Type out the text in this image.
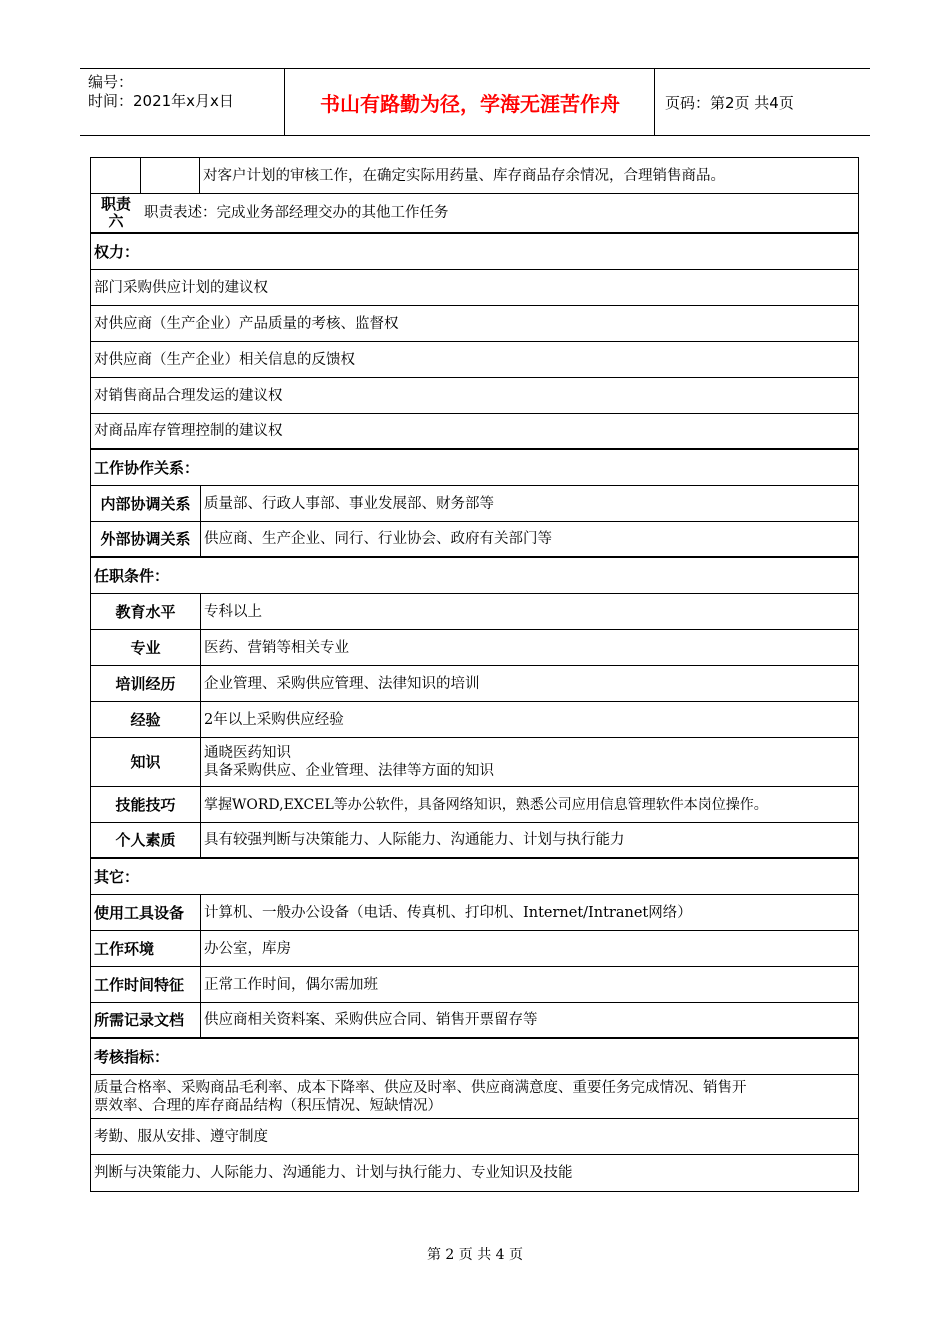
编号：
时间：2021年x月x日	书山有路勤为径，学海无涯苦作舟	页码：第2页 共4页
对客户计划的审核工作，在确定实际用药量、库存商品存余情况，合理销售商品。
职责
六 职责表述：完成业务部经理交办的其他工作任务
权力：
部门采购供应计划的建议权
对供应商（生产企业）产品质量的考核、监督权
对供应商（生产企业）相关信息的反馈权
对销售商品合理发运的建议权
对商品库存管理控制的建议权
工作协作关系：
内部协调关系 质量部、行政人事部、事业发展部、财务部等
外部协调关系 供应商、生产企业、同行、行业协会、政府有关部门等
任职条件：
教育水平	专科以上
专业	医药、营销等相关专业
培训经历	企业管理、采购供应管理、法律知识的培训
经验	2年以上采购供应经验
知识	通晓医药知识
具备采购供应、企业管理、法律等方面的知识
技能技巧	掌握WORD,EXCEL等办公软件，具备网络知识，熟悉公司应用信息管理软件本岗位操作。
个人素质	具有较强判断与决策能力、人际能力、沟通能力、计划与执行能力
其它：
使用工具设备	计算机、一般办公设备（电话、传真机、打印机、Internet/Intranet网络）
工作环境	办公室，库房
工作时间特征	正常工作时间，偶尔需加班
所需记录文档	供应商相关资料案、采购供应合同、销售开票留存等
考核指标：
质量合格率、采购商品毛利率、成本下降率、供应及时率、供应商满意度、重要任务完成情况、销售开
票效率、合理的库存商品结构（积压情况、短缺情况）
考勤、服从安排、遵守制度
判断与决策能力、人际能力、沟通能力、计划与执行能力、专业知识及技能
第 2 页 共 4 页
